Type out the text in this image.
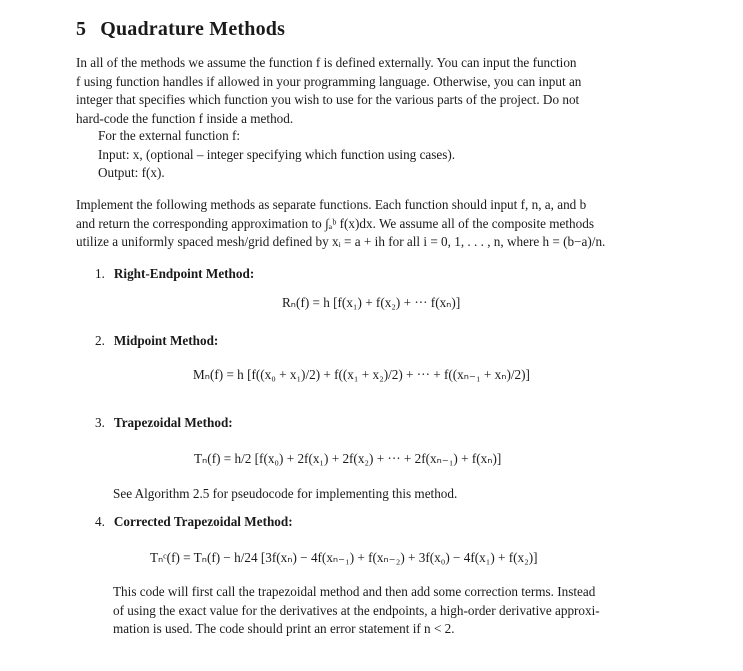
5 Quadrature Methods
In all of the methods we assume the function f is defined externally. You can input the function
f using function handles if allowed in your programming language. Otherwise, you can input an
integer that specifies which function you wish to use for the various parts of the project. Do not
hard-code the function f inside a method.
For the external function f:
Input: x, (optional – integer specifying which function using cases).
Output: f(x).
Implement the following methods as separate functions. Each function should input f, n, a, and b
and return the corresponding approximation to ∫ₐᵇ f(x)dx. We assume all of the composite methods
utilize a uniformly spaced mesh/grid defined by xᵢ = a + ih for all i = 0, 1, . . . , n, where h = (b−a)/n.
1. Right-Endpoint Method:
Rₙ(f) = h [f(x₁) + f(x₂) + ··· f(xₙ)]
2. Midpoint Method:
Mₙ(f) = h [f((x₀ + x₁)/2) + f((x₁ + x₂)/2) + ··· + f((xₙ₋₁ + xₙ)/2)]
3. Trapezoidal Method:
Tₙ(f) = h/2 [f(x₀) + 2f(x₁) + 2f(x₂) + ··· + 2f(xₙ₋₁) + f(xₙ)]
See Algorithm 2.5 for pseudocode for implementing this method.
4. Corrected Trapezoidal Method:
Tₙᶜ(f) = Tₙ(f) − h/24 [3f(xₙ) − 4f(xₙ₋₁) + f(xₙ₋₂) + 3f(x₀) − 4f(x₁) + f(x₂)]
This code will first call the trapezoidal method and then add some correction terms. Instead
of using the exact value for the derivatives at the endpoints, a high-order derivative approxi-
mation is used. The code should print an error statement if n < 2.
